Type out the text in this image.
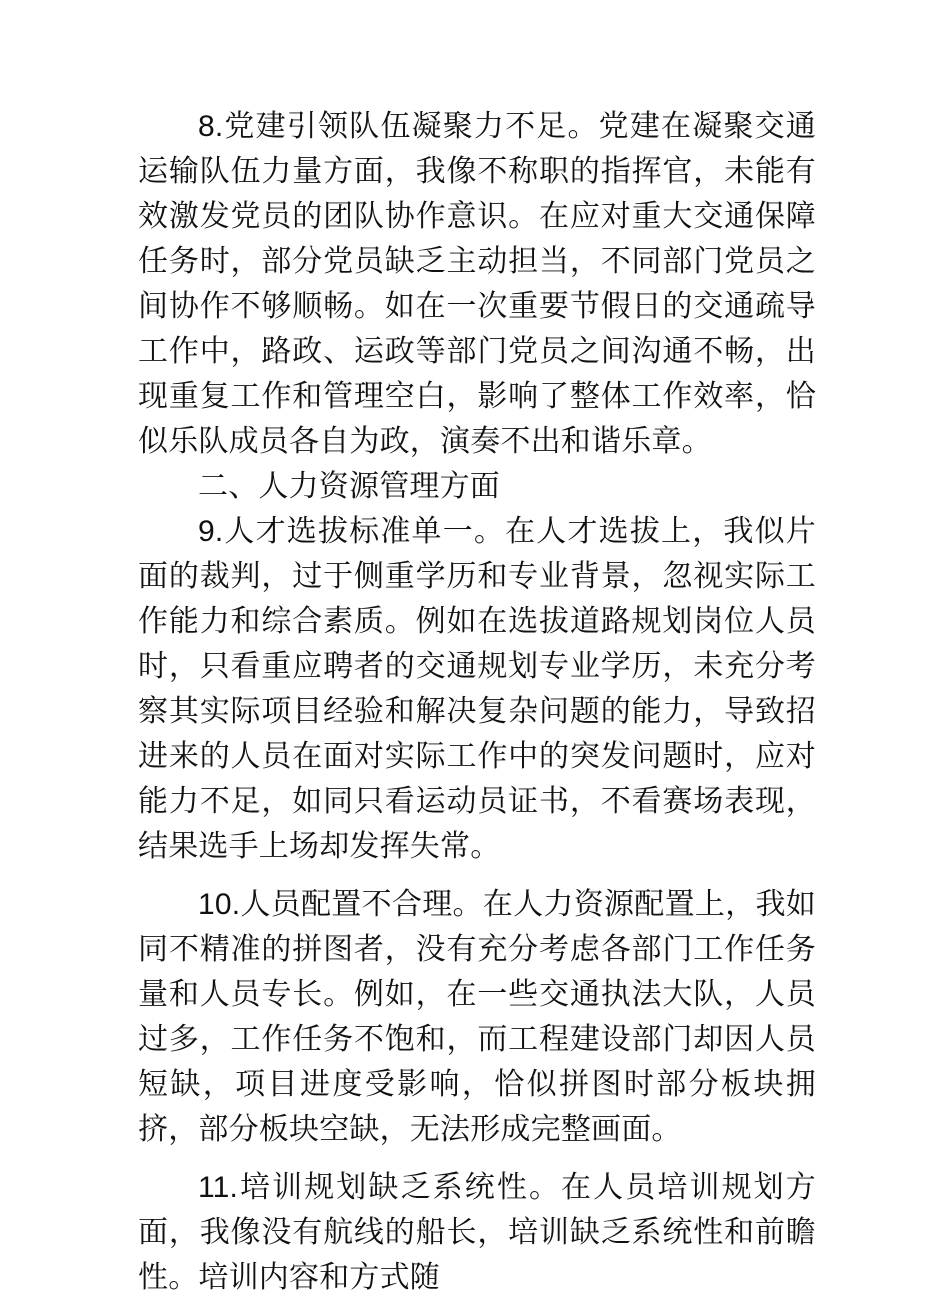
8.党建引领队伍凝聚力不足。党建在凝聚交通运输队伍力量方面，我像不称职的指挥官，未能有效激发党员的团队协作意识。在应对重大交通保障任务时，部分党员缺乏主动担当，不同部门党员之间协作不够顺畅。如在一次重要节假日的交通疏导工作中，路政、运政等部门党员之间沟通不畅，出现重复工作和管理空白，影响了整体工作效率，恰似乐队成员各自为政，演奏不出和谐乐章。

二、人力资源管理方面

9.人才选拔标准单一。在人才选拔上，我似片面的裁判，过于侧重学历和专业背景，忽视实际工作能力和综合素质。例如在选拔道路规划岗位人员时，只看重应聘者的交通规划专业学历，未充分考察其实际项目经验和解决复杂问题的能力，导致招进来的人员在面对实际工作中的突发问题时，应对能力不足，如同只看运动员证书，不看赛场表现，结果选手上场却发挥失常。

10.人员配置不合理。在人力资源配置上，我如同不精准的拼图者，没有充分考虑各部门工作任务量和人员专长。例如，在一些交通执法大队，人员过多，工作任务不饱和，而工程建设部门却因人员短缺，项目进度受影响，恰似拼图时部分板块拥挤，部分板块空缺，无法形成完整画面。

11.培训规划缺乏系统性。在人员培训规划方面，我像没有航线的船长，培训缺乏系统性和前瞻性。培训内容和方式随
